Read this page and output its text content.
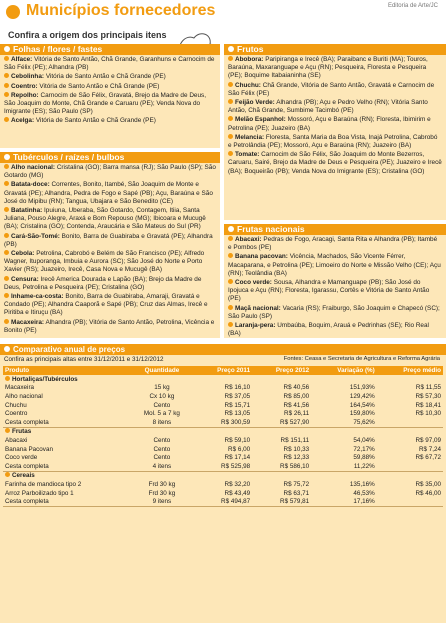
Municípios fornecedores	Editoria de Arte/JC
Confira a origem dos principais itens
Folhas / flores / fastes
Alface: Vitória de Santo Antão, Chã Grande, Garanhuns e Carnocim de São Félix (PE); Alhandra (PB)
Cebolinha: Vitória de Santo Antão e Chã Grande (PE)
Coentro: Vitória de Santo Antão e Chã Grande (PE)
Repolho: Carnocim de São Félix, Gravatá, Brejo da Madre de Deus, São Joaquim do Monte, Chã Grande e Caruaru (PE); Venda Nova do Imigrante (ES); São Paulo (SP)
Acelga: Vitória de Santo Antão e Chã Grande (PE)
Tubérculos / raízes / bulbos
Alho nacional: Cristalina (GO); Barra mansa (RJ); São Paulo (SP); São Gotardo (MG)
Batata-doce: Correntes, Bonito, Itambé, São Joaquim de Monte e Gravatá (PE); Alhandra, Pedra de Fogo e Sapé (PB); Açu, Baraúna e São José do Mipibu (RN); Tangua, Ubajara e São Benedito (CE)
Batatinha: Ipuiuna, Uberaba, São Gotardo, Contagem, Itiia, Santa Juliana, Pouso Alegre, Araxá e Bom Repouso (MG); Ibicoara e Mucugê (BA); Cristalina (GO); Contenda, Araucária e São Mateus do Sul (PR)
Cará-São-Tomé: Bonito, Barra de Guabiraba e Gravatá (PE); Alhandra (PB)
Cebola: Petrolina, Cabrobó e Belém de São Francisco (PE); Alfredo Wagner, Ituporanga, Imbuia e Aurora (SC); São José do Norte e Porto Xavier (RS); Juazeiro, Irecê, Casa Nova e Mucugê (BA)
Censura: Irecê America Dourada e Lapão (BA); Brejo da Madre de Deus, Petrolina e Pesqueira (PE); Cristalina (GO)
Inhame-ca-costa: Bonito, Barra de Guabiraba, Amaraji, Gravatá e Condado (PE); Alhandra Caaporã e Sapé (PB); Cruz das Almas, Irecê e Piritiba e Itiruçu (BA)
Macaxeira: Alhandra (PB); Vitória de Santo Antão, Petrolina, Vicência e Bonito (PE)
Frutos
Abobora: Paripiranga e Irecê (BA); Paraibanc e Buriti (MA); Touros, Baraúna, Maxaranguape e Açu (RN); Pesqueira, Floresta e Pesqueira (PE); Boquime Itabaianinha (SE)
Chuchu: Chã Grande, Vitória de Santo Antão, Gravatá e Carnocim de São Félix (PE)
Feijão Verde: Alhandra (PB); Açu e Pedro Velho (RN); Vitória Santo Antão, Chã Grande, Sumbime Tacimbó (PE)
Melão Espanhol: Mossoró, Açu e Baraúna (RN); Floresta, Ibimirim e Petrolina (PE); Juazeiro (BA)
Melancia: Floresta, Santa Maria da Boa Vista, Inajá Petrolina, Cabrobó e Petrolândia (PE); Mossoró, Açu e Baraúna (RN); Juazeiro (BA)
Tomate: Carnocim de São Félix, São Joaquim do Monte Bezerros, Caruaru, Sairé, Brejo da Madre de Deus e Pesqueira (PE); Juazeiro e Irecê (BA); Boqueirão (PB); Venda Nova do Imigrante (ES); Cristalina (GO)
Frutas nacionais
Abacaxi: Pedras de Fogo, Aracagi, Santa Rita e Alhandra (PB); Itambé e Pombos (PE)
Banana pacovan: Vicência, Machados, São Vicente Férrer, Macaparana, e Petrolina (PE); Limoeiro do Norte e Missão Velho (CE); Açu (RN); Teolândia (BA)
Coco verde: Sousa, Alhandra e Mamanguape (PB); São José do Ipojuca e Açu (RN); Floresta, Igarassu, Cortês e Vitória de Santo Antão (PE)
Maçã nacional: Vacaria (RS); Fraiburgo, São Joaquim e Chapecó (SC); São Paulo (SP)
Laranja-pera: Umbaúba, Boquim, Arauá e Pedrinhas (SE); Rio Real (BA)
Comparativo anual de preços
Confira as principais altas entre 31/12/2011 e 31/12/2012	Fontes: Ceasa e Secretaria de Agricultura e Reforma Agrária
Produto	Quantidade	Preço 2011	Preço 2012	Variação (%)	Preço médio
Hortaliças/Tubérculos					
Macaxeira	15 kg	R$ 16,10	R$ 40,56	151,93%	R$ 11,55
Alho nacional	Cx 10 kg	R$ 37,05	R$ 85,00	129,42%	R$ 57,30
Chuchu	Cento	R$ 15,71	R$ 41,56	164,54%	R$ 18,41
Coentro	Mol. 5 a 7 kg	R$ 13,05	R$ 26,11	159,80%	R$ 10,30
Cesta completa	8 itens	R$ 300,59	R$ 527,90	75,62%	
Frutas					
Abacaxi	Cento	R$ 59,10	R$ 151,11	54,04%	R$ 97,09
Banana Pacovan	Cento	R$ 6,00	R$ 10,33	72,17%	R$ 7,24
Coco verde	Cento	R$ 17,14	R$ 12,33	59,88%	R$ 67,72
Cesta completa	4 itens	R$ 525,98	R$ 586,10	11,22%	
Cereais					
Farinha de mandioca tipo 2	Frd 30 kg	R$ 32,20	R$ 75,72	135,16%	R$ 35,00
Arroz Parboilizado tipo 1	Frd 30 kg	R$ 43,49	R$ 63,71	46,53%	R$ 46,00
Cesta completa	9 itens	R$ 494,87	R$ 579,81	17,16%	
